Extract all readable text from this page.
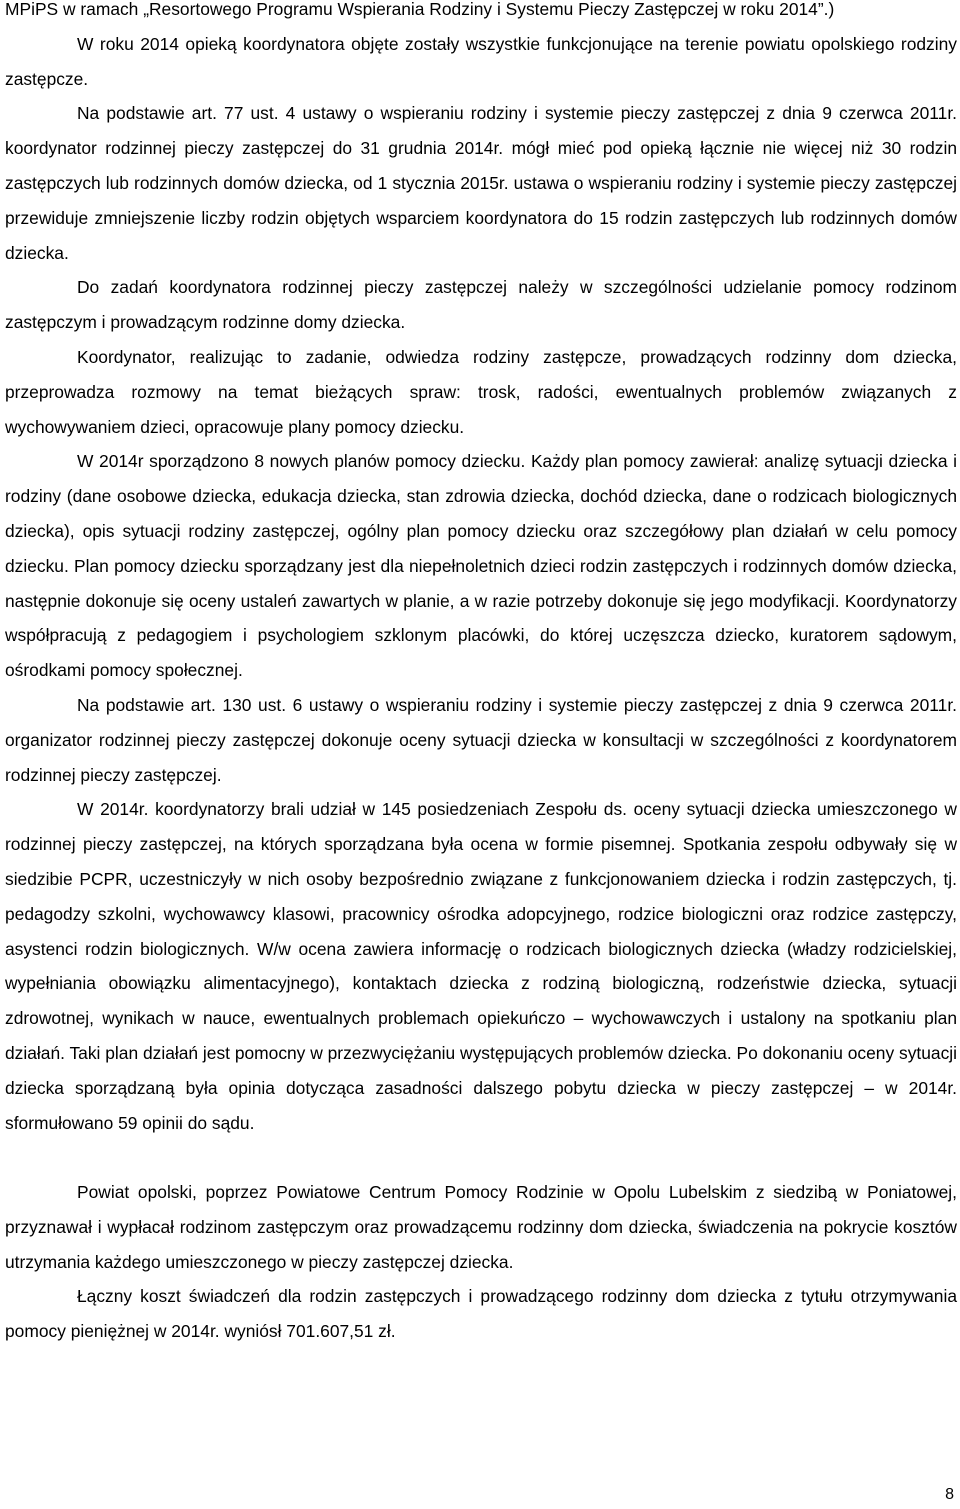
MPiPS w ramach „Resortowego Programu Wspierania Rodziny i Systemu Pieczy Zastępczej w roku 2014”.)

W roku 2014 opieką koordynatora objęte zostały wszystkie funkcjonujące na terenie powiatu opolskiego rodziny zastępcze.

Na podstawie art. 77 ust. 4 ustawy o wspieraniu rodziny i systemie pieczy zastępczej z dnia 9 czerwca 2011r. koordynator rodzinnej pieczy zastępczej do 31 grudnia 2014r. mógł mieć pod opieką łącznie nie więcej niż 30 rodzin zastępczych lub rodzinnych domów dziecka, od 1 stycznia 2015r. ustawa o wspieraniu rodziny i systemie pieczy zastępczej przewiduje zmniejszenie liczby rodzin objętych wsparciem koordynatora do 15 rodzin zastępczych lub rodzinnych domów dziecka.

Do zadań koordynatora rodzinnej pieczy zastępczej należy w szczególności udzielanie pomocy rodzinom zastępczym i prowadzącym rodzinne domy dziecka.

Koordynator, realizując to zadanie, odwiedza rodziny zastępcze, prowadzących rodzinny dom dziecka, przeprowadza rozmowy na temat bieżących spraw: trosk, radości, ewentualnych problemów związanych z wychowywaniem dzieci, opracowuje plany pomocy dziecku.

W 2014r sporządzono 8 nowych planów pomocy dziecku. Każdy plan pomocy zawierał: analizę sytuacji dziecka i rodziny (dane osobowe dziecka, edukacja dziecka, stan zdrowia dziecka, dochód dziecka, dane o rodzicach biologicznych dziecka), opis sytuacji rodziny zastępczej, ogólny plan pomocy dziecku oraz szczegółowy plan działań w celu pomocy dziecku. Plan pomocy dziecku sporządzany jest dla niepełnoletnich dzieci rodzin zastępczych i rodzinnych domów dziecka, następnie dokonuje się oceny ustaleń zawartych w planie, a w razie potrzeby dokonuje się jego modyfikacji. Koordynatorzy współpracują z pedagogiem i psychologiem szklonym placówki, do której uczęszcza dziecko, kuratorem sądowym, ośrodkami pomocy społecznej.

Na podstawie art. 130 ust. 6 ustawy o wspieraniu rodziny i systemie pieczy zastępczej z dnia 9 czerwca 2011r. organizator rodzinnej pieczy zastępczej dokonuje oceny sytuacji dziecka w konsultacji w szczególności z koordynatorem rodzinnej pieczy zastępczej.

W 2014r. koordynatorzy brali udział w 145 posiedzeniach Zespołu ds. oceny sytuacji dziecka umieszczonego w rodzinnej pieczy zastępczej, na których sporządzana była ocena w formie pisemnej. Spotkania zespołu odbywały się w siedzibie PCPR, uczestniczyły w nich osoby bezpośrednio związane z funkcjonowaniem dziecka i rodzin zastępczych, tj. pedagodzy szkolni, wychowawcy klasowi, pracownicy ośrodka adopcyjnego, rodzice biologiczni oraz rodzice zastępczy, asystenci rodzin biologicznych. W/w ocena zawiera informację o rodzicach biologicznych dziecka (władzy rodzicielskiej, wypełniania obowiązku alimentacyjnego), kontaktach dziecka z rodziną biologiczną, rodzeństwie dziecka, sytuacji zdrowotnej, wynikach w nauce, ewentualnych problemach opiekuńczo – wychowawczych i ustalony na spotkaniu plan działań. Taki plan działań jest pomocny w przezwyciężaniu występujących problemów dziecka. Po dokonaniu oceny sytuacji dziecka sporządzaną była opinia dotycząca zasadności dalszego pobytu dziecka w pieczy zastępczej – w 2014r. sformułowano 59 opinii do sądu.

Powiat opolski, poprzez Powiatowe Centrum Pomocy Rodzinie w Opolu Lubelskim z siedzibą w Poniatowej, przyznawał i wypłacał rodzinom zastępczym oraz prowadzącemu rodzinny dom dziecka, świadczenia na pokrycie kosztów utrzymania każdego umieszczonego w pieczy zastępczej dziecka.

Łączny koszt świadczeń dla rodzin zastępczych i prowadzącego rodzinny dom dziecka z tytułu otrzymywania pomocy pieniężnej w 2014r. wyniósł 701.607,51 zł.

8
